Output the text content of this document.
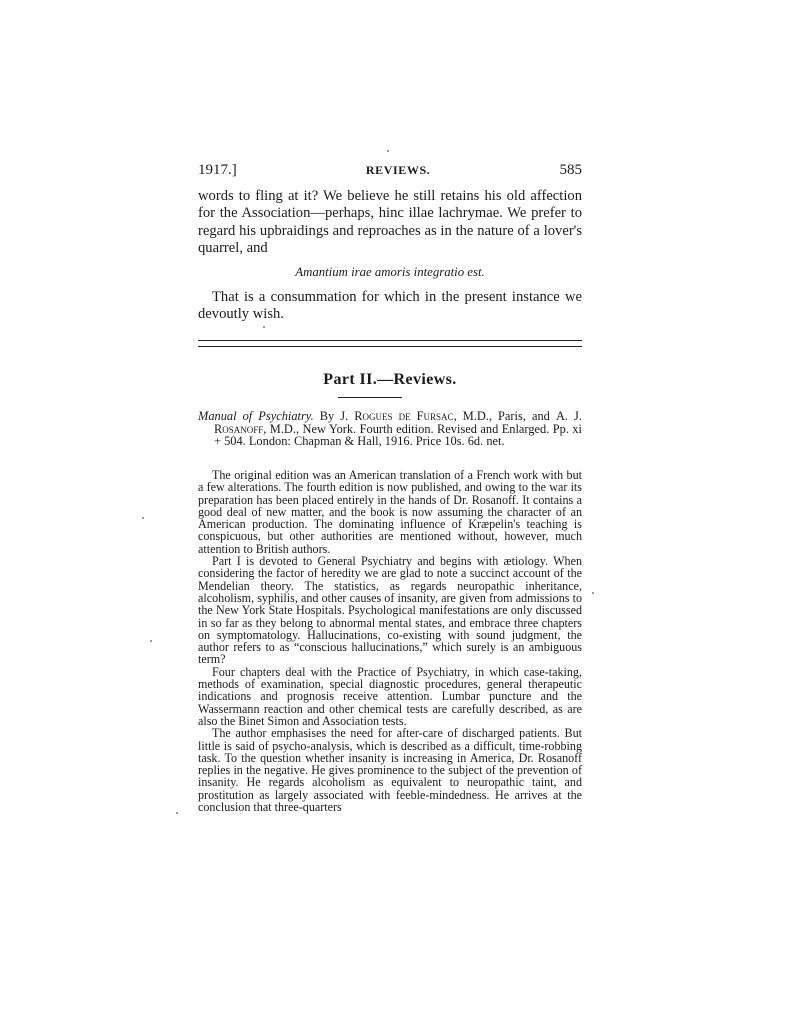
1917.]	REVIEWS.	585

words to fling at it? We believe he still retains his old affection for the Association—perhaps, hinc illae lachrymae. We prefer to regard his upbraidings and reproaches as in the nature of a lover's quarrel, and

Amantium irae amoris integratio est.

That is a consummation for which in the present instance we devoutly wish.

Part II.—Reviews.

Manual of Psychiatry. By J. Rogues de Fursac, M.D., Paris, and A. J. Rosanoff, M.D., New York. Fourth edition. Revised and Enlarged. Pp. xi + 504. London: Chapman & Hall, 1916. Price 10s. 6d. net.

The original edition was an American translation of a French work with but a few alterations. The fourth edition is now published, and owing to the war its preparation has been placed entirely in the hands of Dr. Rosanoff. It contains a good deal of new matter, and the book is now assuming the character of an American production. The dominating influence of Kræpelin's teaching is conspicuous, but other authorities are mentioned without, however, much attention to British authors.

Part I is devoted to General Psychiatry and begins with ætiology. When considering the factor of heredity we are glad to note a succinct account of the Mendelian theory. The statistics, as regards neuropathic inheritance, alcoholism, syphilis, and other causes of insanity, are given from admissions to the New York State Hospitals. Psychological manifestations are only discussed in so far as they belong to abnormal mental states, and embrace three chapters on symptomatology. Hallucinations, co-existing with sound judgment, the author refers to as “conscious hallucinations,” which surely is an ambiguous term?

Four chapters deal with the Practice of Psychiatry, in which case-taking, methods of examination, special diagnostic procedures, general therapeutic indications and prognosis receive attention. Lumbar puncture and the Wassermann reaction and other chemical tests are carefully described, as are also the Binet Simon and Association tests.

The author emphasises the need for after-care of discharged patients. But little is said of psycho-analysis, which is described as a difficult, time-robbing task. To the question whether insanity is increasing in America, Dr. Rosanoff replies in the negative. He gives prominence to the subject of the prevention of insanity. He regards alcoholism as equivalent to neuropathic taint, and prostitution as largely associated with feeble-mindedness. He arrives at the conclusion that three-quarters
